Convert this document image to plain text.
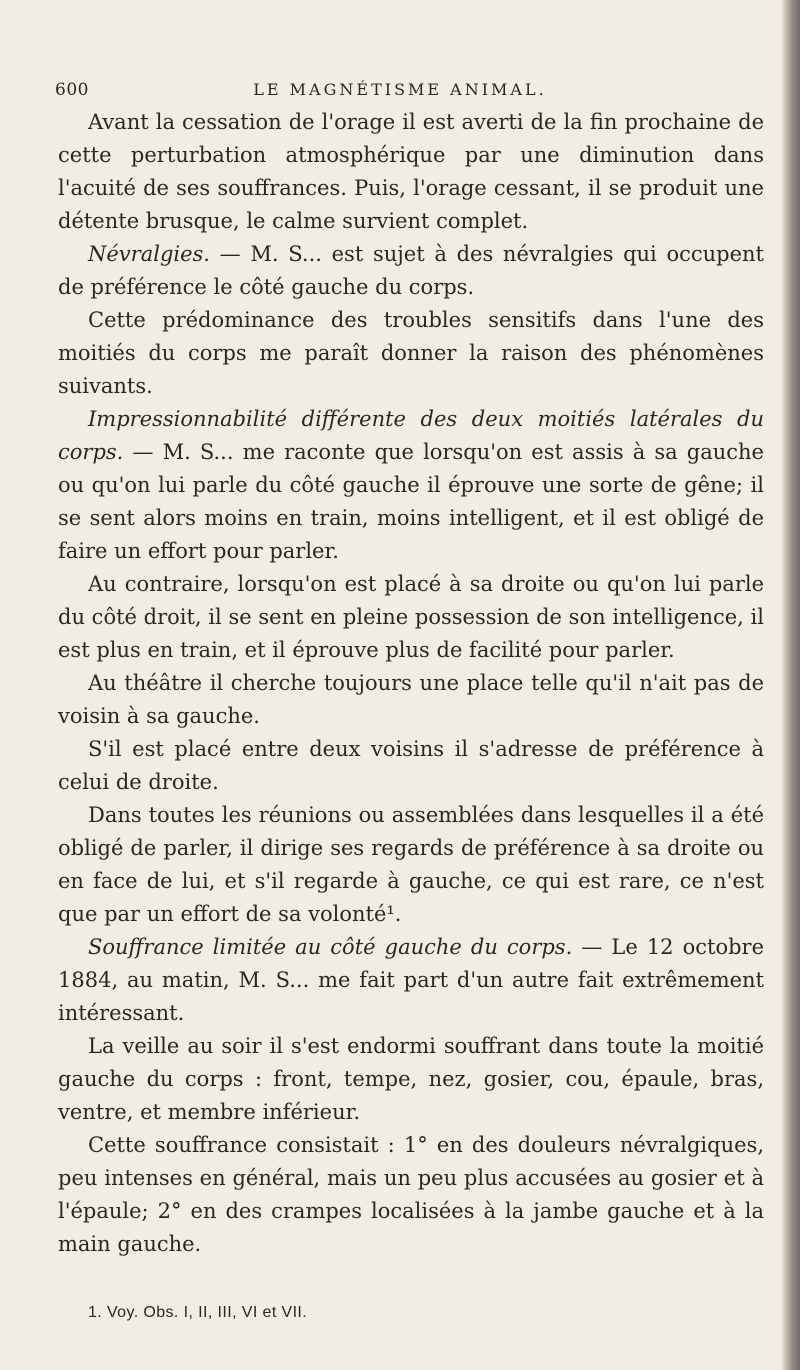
600	LE MAGNÉTISME ANIMAL.

Avant la cessation de l'orage il est averti de la fin prochaine de cette perturbation atmosphérique par une diminution dans l'acuité de ses souffrances. Puis, l'orage cessant, il se produit une détente brusque, le calme survient complet.

Névralgies. — M. S... est sujet à des névralgies qui occupent de préférence le côté gauche du corps.

Cette prédominance des troubles sensitifs dans l'une des moitiés du corps me paraît donner la raison des phénomènes suivants.

Impressionnabilité différente des deux moitiés latérales du corps. — M. S... me raconte que lorsqu'on est assis à sa gauche ou qu'on lui parle du côté gauche il éprouve une sorte de gêne; il se sent alors moins en train, moins intelligent, et il est obligé de faire un effort pour parler.

Au contraire, lorsqu'on est placé à sa droite ou qu'on lui parle du côté droit, il se sent en pleine possession de son intelligence, il est plus en train, et il éprouve plus de facilité pour parler.

Au théâtre il cherche toujours une place telle qu'il n'ait pas de voisin à sa gauche.

S'il est placé entre deux voisins il s'adresse de préférence à celui de droite.

Dans toutes les réunions ou assemblées dans lesquelles il a été obligé de parler, il dirige ses regards de préférence à sa droite ou en face de lui, et s'il regarde à gauche, ce qui est rare, ce n'est que par un effort de sa volonté¹.

Souffrance limitée au côté gauche du corps. — Le 12 octobre 1884, au matin, M. S... me fait part d'un autre fait extrêmement intéressant.

La veille au soir il s'est endormi souffrant dans toute la moitié gauche du corps : front, tempe, nez, gosier, cou, épaule, bras, ventre, et membre inférieur.

Cette souffrance consistait : 1° en des douleurs névralgiques, peu intenses en général, mais un peu plus accusées au gosier et à l'épaule; 2° en des crampes localisées à la jambe gauche et à la main gauche.

1. Voy. Obs. I, II, III, VI et VII.
